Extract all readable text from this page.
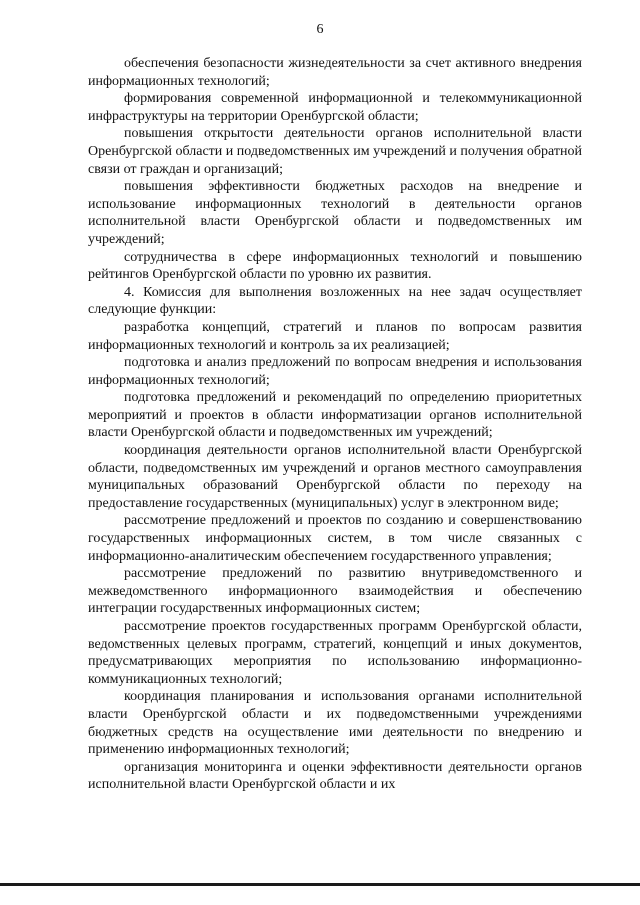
6

обеспечения безопасности жизнедеятельности за счет активного внедрения информационных технологий;

формирования современной информационной и телекоммуникационной инфраструктуры на территории Оренбургской области;

повышения открытости деятельности органов исполнительной власти Оренбургской области и подведомственных им учреждений и получения обратной связи от граждан и организаций;

повышения эффективности бюджетных расходов на внедрение и использование информационных технологий в деятельности органов исполнительной власти Оренбургской области и подведомственных им учреждений;

сотрудничества в сфере информационных технологий и повышению рейтингов Оренбургской области по уровню их развития.

4. Комиссия для выполнения возложенных на нее задач осуществляет следующие функции:

разработка концепций, стратегий и планов по вопросам развития информационных технологий и контроль за их реализацией;

подготовка и анализ предложений по вопросам внедрения и использования информационных технологий;

подготовка предложений и рекомендаций по определению приоритетных мероприятий и проектов в области информатизации органов исполнительной власти Оренбургской области и подведомственных им учреждений;

координация деятельности органов исполнительной власти Оренбургской области, подведомственных им учреждений и органов местного самоуправления муниципальных образований Оренбургской области по переходу на предоставление государственных (муниципальных) услуг в электронном виде;

рассмотрение предложений и проектов по созданию и совершенствованию государственных информационных систем, в том числе связанных с информационно-аналитическим обеспечением государственного управления;

рассмотрение предложений по развитию внутриведомственного и межведомственного информационного взаимодействия и обеспечению интеграции государственных информационных систем;

рассмотрение проектов государственных программ Оренбургской области, ведомственных целевых программ, стратегий, концепций и иных документов, предусматривающих мероприятия по использованию информационно-коммуникационных технологий;

координация планирования и использования органами исполнительной власти Оренбургской области и их подведомственными учреждениями бюджетных средств на осуществление ими деятельности по внедрению и применению информационных технологий;

организация мониторинга и оценки эффективности деятельности органов исполнительной власти Оренбургской области и их
